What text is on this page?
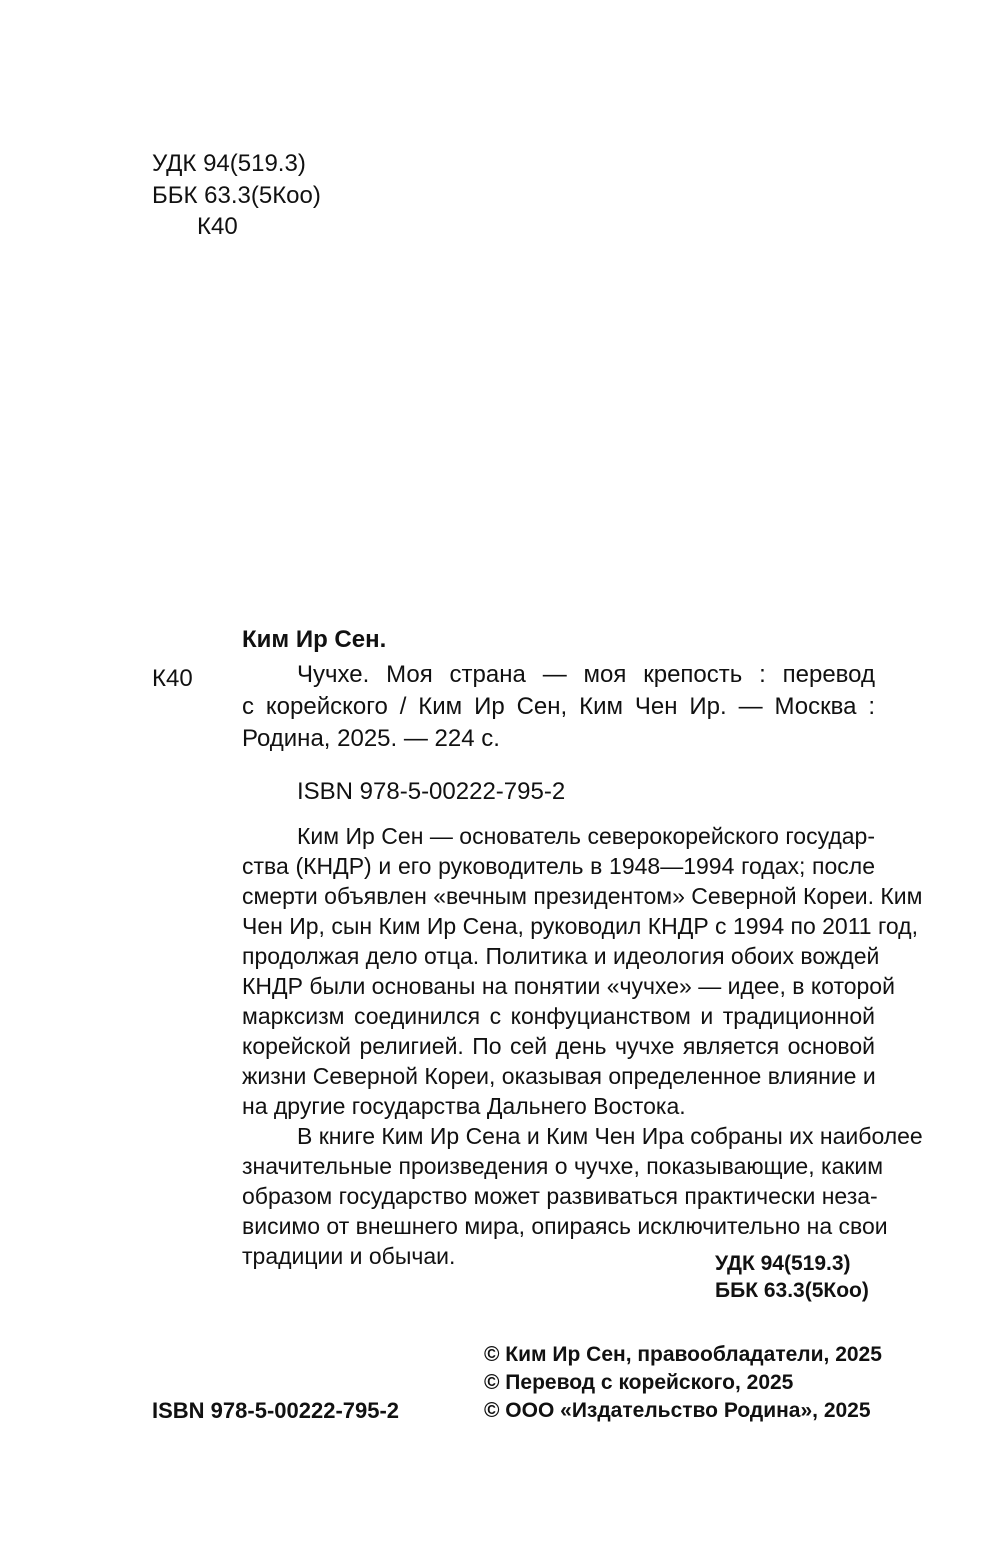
УДК 94(519.3)
ББК 63.3(5Коо)
К40
К40
Ким Ир Сен.
Чучхе. Моя страна — моя крепость : перевод
с корейского / Ким Ир Сен, Ким Чен Ир. — Москва :
Родина, 2025. — 224 с.
ISBN 978-5-00222-795-2
Ким Ир Сен — основатель северокорейского государ-
ства (КНДР) и его руководитель в 1948—1994 годах; после
смерти объявлен «вечным президентом» Северной Кореи. Ким
Чен Ир, сын Ким Ир Сена, руководил КНДР с 1994 по 2011 год,
продолжая дело отца. Политика и идеология обоих вождей
КНДР были основаны на понятии «чучхе» — идее, в которой
марксизм соединился с конфуцианством и традиционной
корейской религией. По сей день чучхе является основой
жизни Северной Кореи, оказывая определенное влияние и
на другие государства Дальнего Востока.
В книге Ким Ир Сена и Ким Чен Ира собраны их наиболее
значительные произведения о чучхе, показывающие, каким
образом государство может развиваться практически неза-
висимо от внешнего мира, опираясь исключительно на свои
традиции и обычаи.	УДК 94(519.3)
ББК 63.3(5Коо)
ISBN 978-5-00222-795-2
© Ким Ир Сен, правообладатели, 2025
© Перевод с корейского, 2025
© ООО «Издательство Родина», 2025
